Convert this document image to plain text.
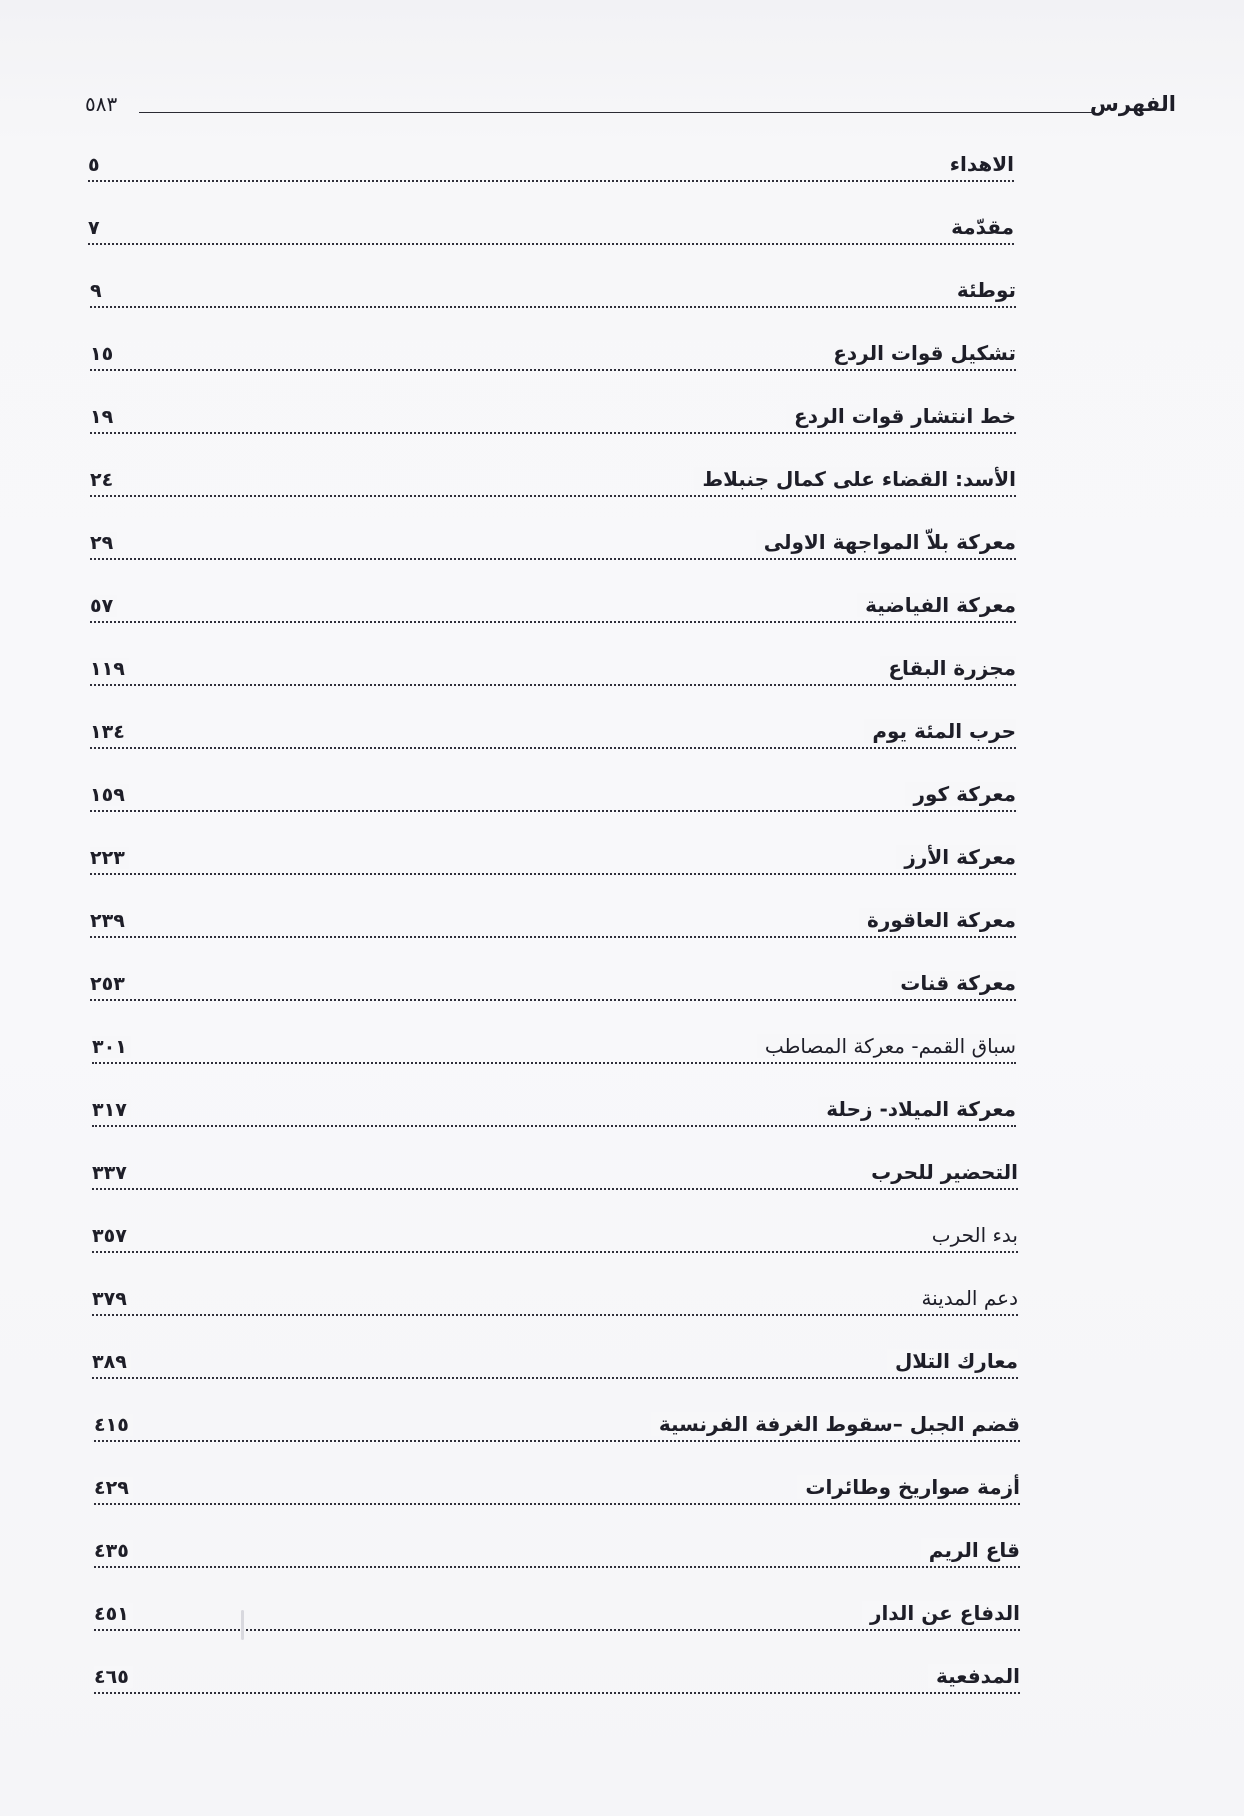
الفهرس
٥٨٣
الاهداء
٥
مقدّمة
٧
توطئة
٩
تشكيل قوات الردع
١٥
خط انتشار قوات الردع
١٩
الأسد: القضاء على كمال جنبلاط
٢٤
معركة بلاّ المواجهة الاولى
٢٩
معركة الفياضية
٥٧
مجزرة البقاع
١١٩
حرب المئة يوم
١٣٤
معركة كور
١٥٩
معركة الأرز
٢٢٣
معركة العاقورة
٢٣٩
معركة قنات
٢٥٣
سباق القمم- معركة المصاطب
٣٠١
معركة الميلاد- زحلة
٣١٧
التحضير للحرب
٣٣٧
بدء الحرب
٣٥٧
دعم المدينة
٣٧٩
معارك التلال
٣٨٩
قضم الجبل –سقوط الغرفة الفرنسية
٤١٥
أزمة صواريخ وطائرات
٤٢٩
قاع الريم
٤٣٥
الدفاع عن الدار
٤٥١
المدفعية
٤٦٥
